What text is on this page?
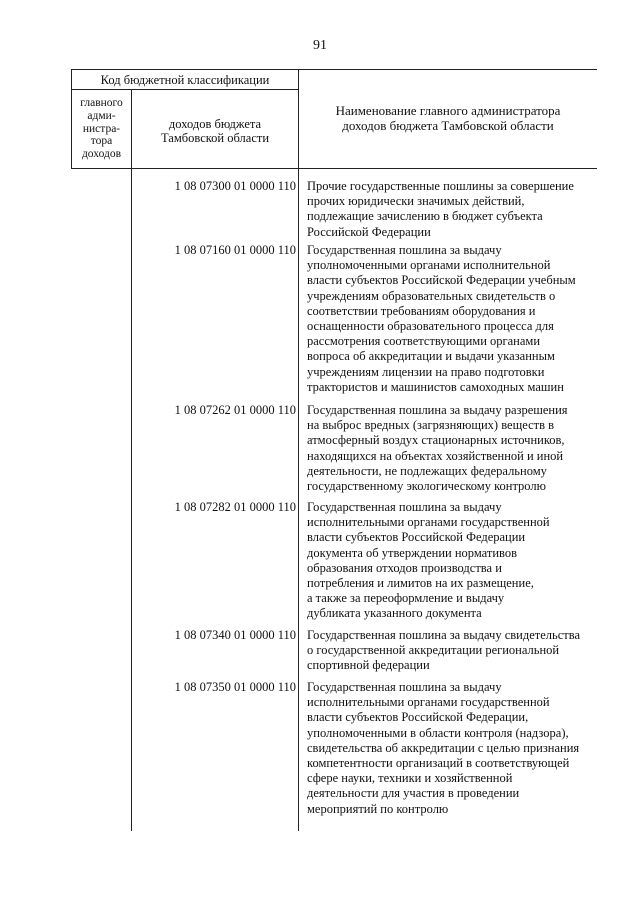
91
Код бюджетной классификации
главного
адми-
нистра-
тора
доходов
доходов бюджета
Тамбовской области
Наименование главного администратора
доходов бюджета Тамбовской области
1 08 07300 01 0000 110 Прочие государственные пошлины за совершение
прочих юридически значимых действий,
подлежащие зачислению в бюджет субъекта
Российской Федерации
1 08 07160 01 0000 110 Государственная пошлина за выдачу
уполномоченными органами исполнительной
власти субъектов Российской Федерации учебным
учреждениям образовательных свидетельств о
соответствии требованиям оборудования и
оснащенности образовательного процесса для
рассмотрения соответствующими органами
вопроса об аккредитации и выдачи указанным
учреждениям лицензии на право подготовки
трактористов и машинистов самоходных машин
1 08 07262 01 0000 110 Государственная пошлина за выдачу разрешения
на выброс вредных (загрязняющих) веществ в
атмосферный воздух стационарных источников,
находящихся на объектах хозяйственной и иной
деятельности, не подлежащих федеральному
государственному экологическому контролю
1 08 07282 01 0000 110 Государственная пошлина за выдачу
исполнительными органами государственной
власти субъектов Российской Федерации
документа об утверждении нормативов
образования отходов производства и
потребления и лимитов на их размещение,
а также за переоформление и выдачу
дубликата указанного документа
1 08 07340 01 0000 110 Государственная пошлина за выдачу свидетельства
о государственной аккредитации региональной
спортивной федерации
1 08 07350 01 0000 110 Государственная пошлина за выдачу
исполнительными органами государственной
власти субъектов Российской Федерации,
уполномоченными в области контроля (надзора),
свидетельства об аккредитации с целью признания
компетентности организаций в соответствующей
сфере науки, техники и хозяйственной
деятельности для участия в проведении
мероприятий по контролю
